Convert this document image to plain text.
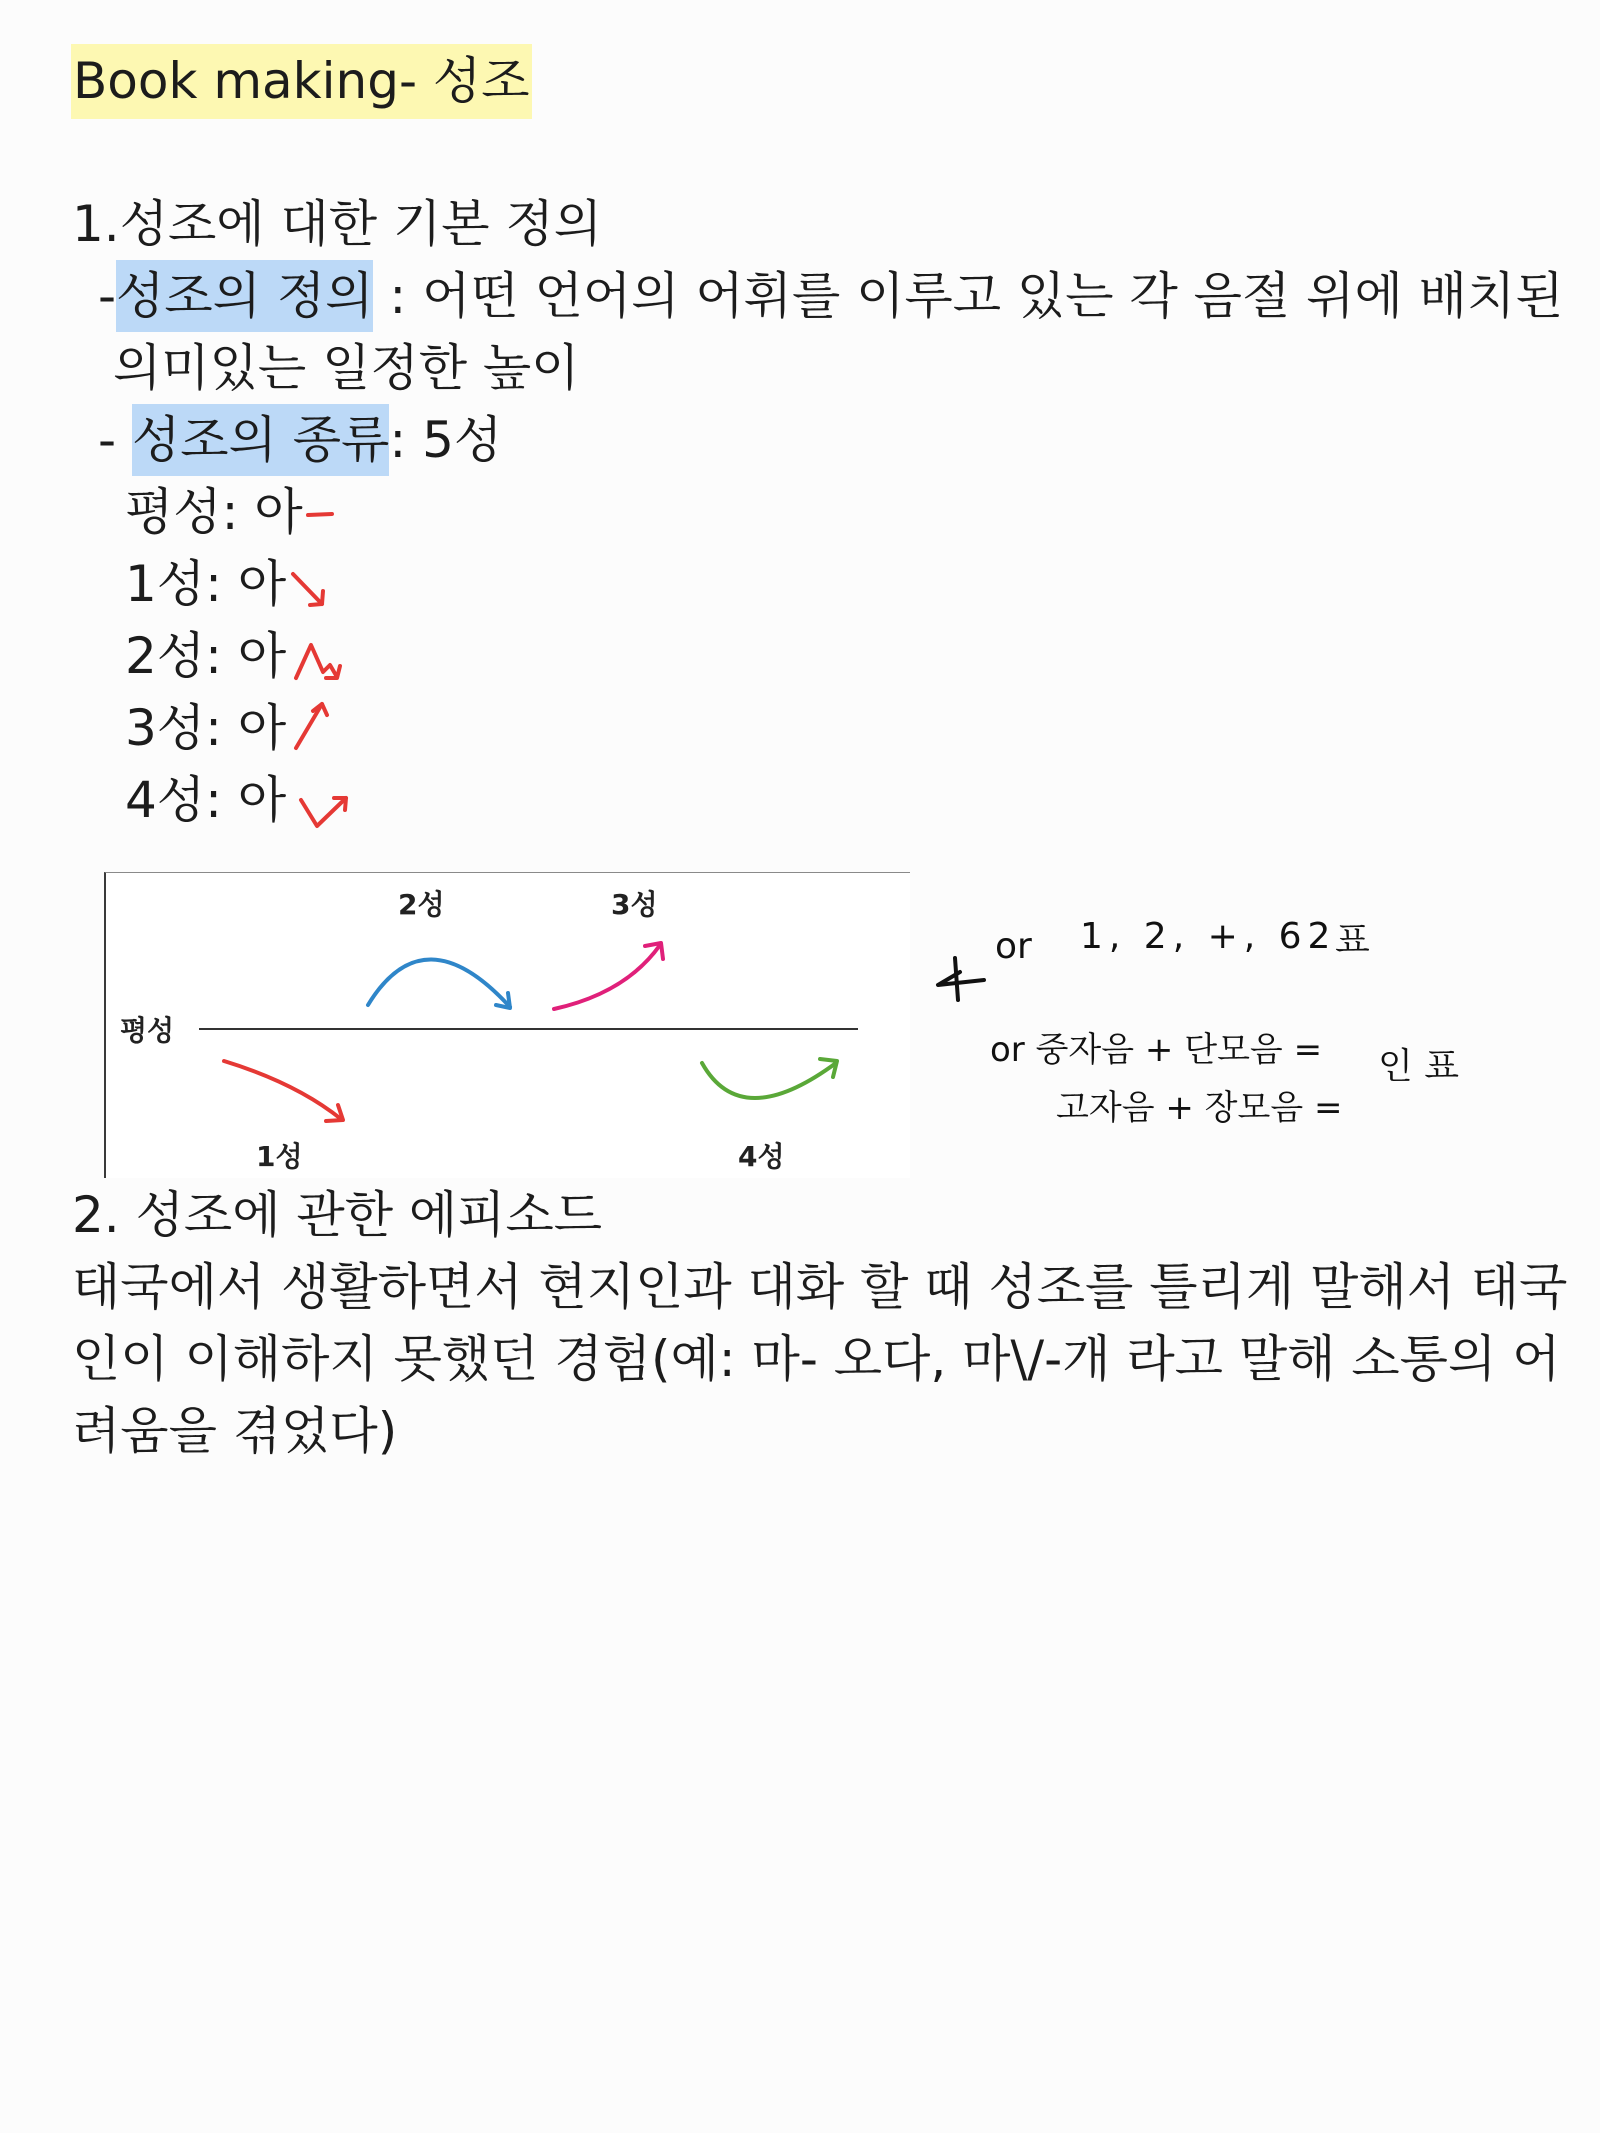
Book making- 성조
1.성조에 대한 기본 정의
-성조의 정의 : 어떤 언어의 어휘를 이루고 있는 각 음절 위에 배치된
의미있는 일정한 높이
- 성조의 종류: 5성
평성: 아
1성: 아
2성: 아
3성: 아
4성: 아
평성
2성	3성
1성	4성
or 1, 2, +, 62
표
or 중자음 + 단모음 =
고자음 + 장모음 =
인 표
2. 성조에 관한 에피소드
태국에서 생활하면서 현지인과 대화 할 때 성조를 틀리게 말해서 태국
인이 이해하지 못했던 경험(예: 마- 오다, 마\/-개 라고 말해 소통의 어
려움을 겪었다)
